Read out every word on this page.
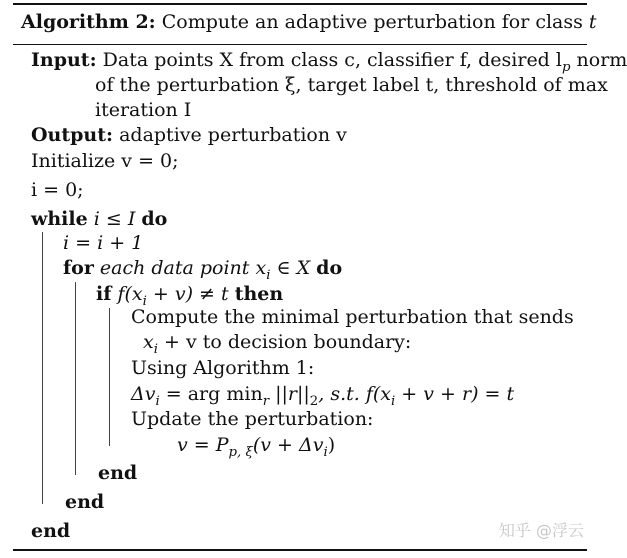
Algorithm 2: Compute an adaptive perturbation for class t
Input: Data points X from class c, classifier f, desired $l_p$ norm
of the perturbation ξ, target label t, threshold of max
iteration I
Output: adaptive perturbation v
Initialize v = 0;
i = 0;
while i ≤ I do
i = i + 1
for each data point $x_i$ ∈ X do
if $f(x_i + v) \ne t$ then
Compute the minimal perturbation that sends
$x_i + v$ to decision boundary:
Using Algorithm 1:
$\Delta v_i$ = arg $\min_r ||r||_2$, s.t. $f(x_i + v + r) = t$
Update the perturbation:
$v = P_{p, \xi}(v + \Delta v_i)$
end
end
end	知乎 @浮云
